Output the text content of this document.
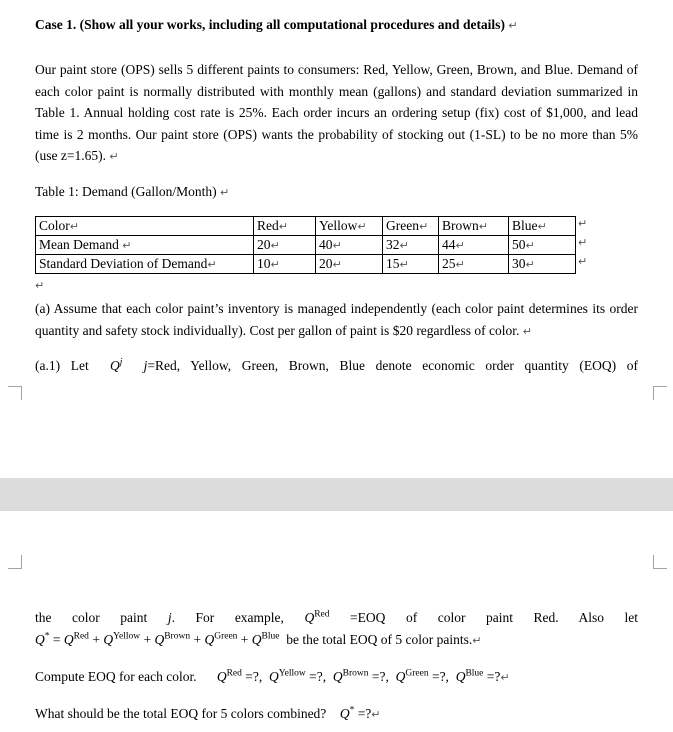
Case 1. (Show all your works, including all computational procedures and details) ↵

Our paint store (OPS) sells 5 different paints to consumers: Red, Yellow, Green, Brown, and Blue. Demand of each color paint is normally distributed with monthly mean (gallons) and standard deviation summarized in Table 1. Annual holding cost rate is 25%. Each order incurs an ordering setup (fix) cost of $1,000, and lead time is 2 months. Our paint store (OPS) wants the probability of stocking out (1-SL) to be no more than 5% (use z=1.65). ↵

Table 1: Demand (Gallon/Month) ↵

Color↵	Red↵	Yellow↵	Green↵	Brown↵	Blue↵
Mean Demand ↵	20↵	40↵	32↵	44↵	50↵
Standard Deviation of Demand↵	10↵	20↵	15↵	25↵	30↵
↵
↵
↵
↵

(a) Assume that each color paint’s inventory is managed independently (each color paint determines its order quantity and safety stock individually). Cost per gallon of paint is $20 regardless of color. ↵

(a.1) Let  $Q^j$ j=Red, Yellow, Green, Brown, Blue denote economic order quantity (EOQ) of

the color paint j. For example, $Q^{Red} =EOQ$ of color paint Red. Also let

$Q^* = Q^{Red} + Q^{Yellow} + Q^{Brown} + Q^{Green} + Q^{Blue}$  be the total EOQ of 5 color paints.↵

Compute EOQ for each color.      $Q^{Red}$ =?,  $Q^{Yellow}$ =?,  $Q^{Brown}$ =?,  $Q^{Green}$ =?,  $Q^{Blue}$ =?↵

What should be the total EOQ for 5 colors combined?    Q* =?↵
